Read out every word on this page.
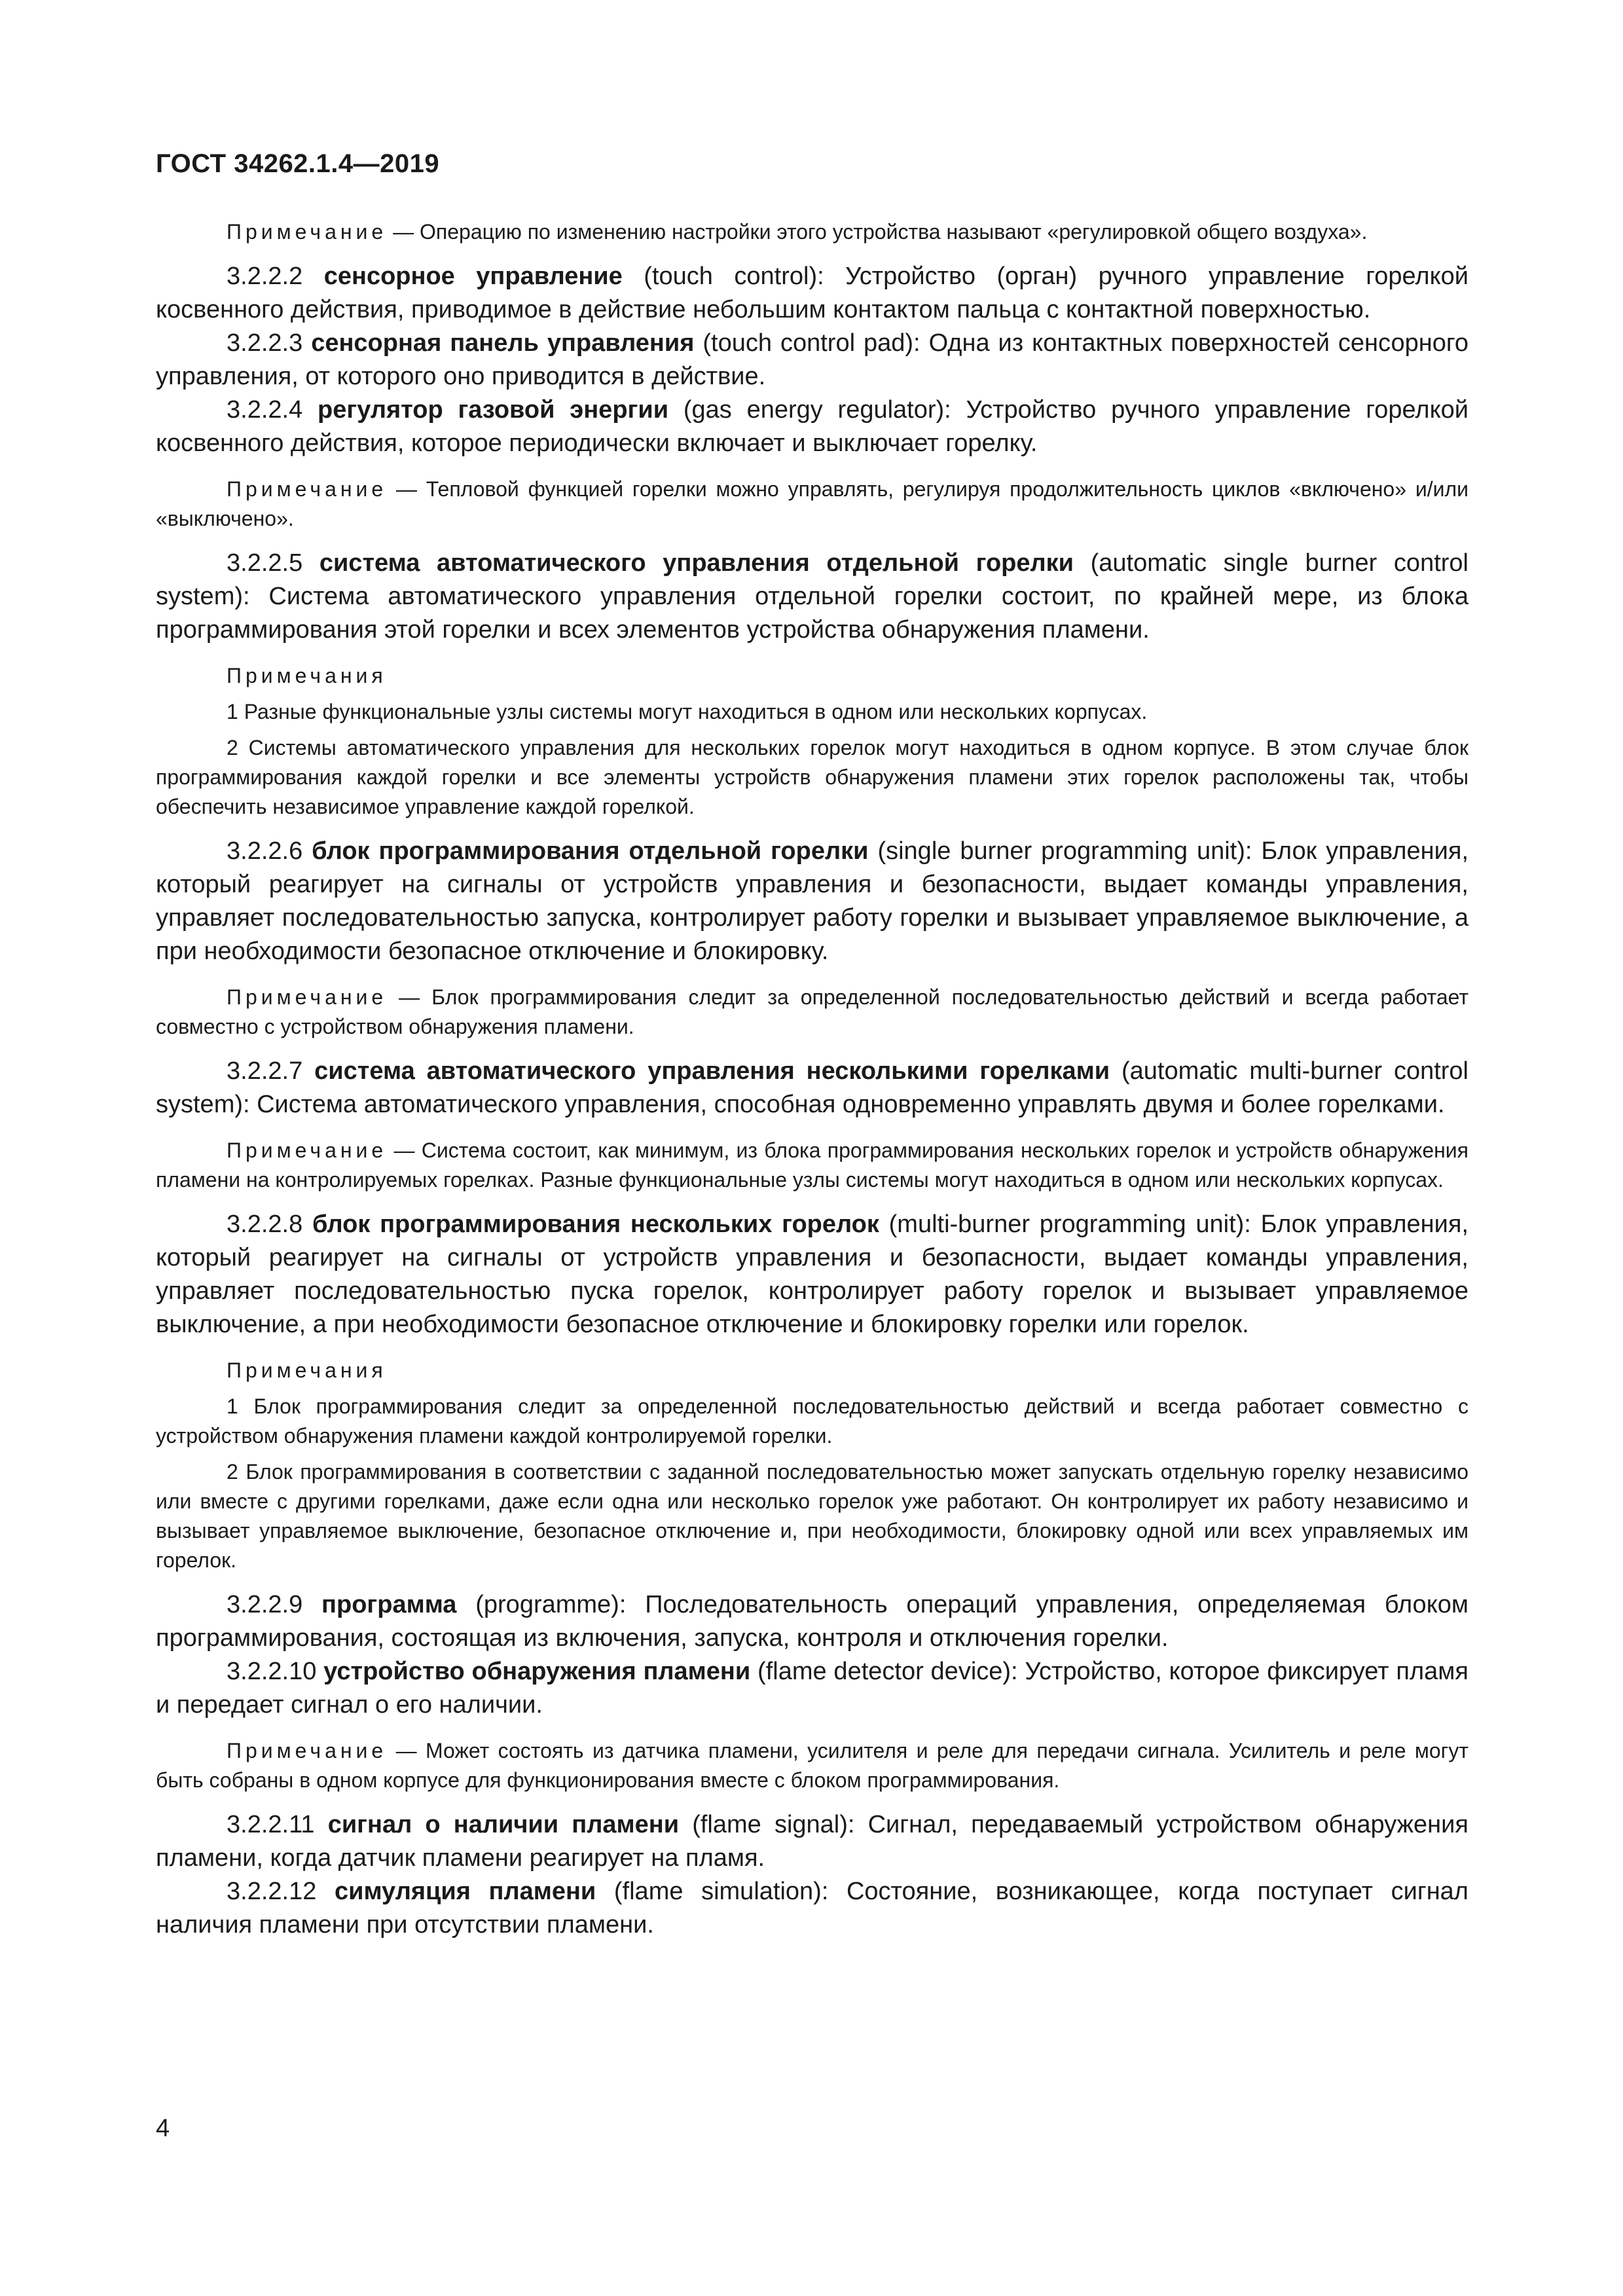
ГОСТ 34262.1.4—2019

Примечание — Операцию по изменению настройки этого устройства называют «регулировкой общего воздуха».

3.2.2.2 сенсорное управление (touch control): Устройство (орган) ручного управление горелкой косвенного действия, приводимое в действие небольшим контактом пальца с контактной поверхностью.

3.2.2.3 сенсорная панель управления (touch control pad): Одна из контактных поверхностей сенсорного управления, от которого оно приводится в действие.

3.2.2.4 регулятор газовой энергии (gas energy regulator): Устройство ручного управление горелкой косвенного действия, которое периодически включает и выключает горелку.

Примечание — Тепловой функцией горелки можно управлять, регулируя продолжительность циклов «включено» и/или «выключено».

3.2.2.5 система автоматического управления отдельной горелки (automatic single burner control system): Система автоматического управления отдельной горелки состоит, по крайней мере, из блока программирования этой горелки и всех элементов устройства обнаружения пламени.

Примечания

1 Разные функциональные узлы системы могут находиться в одном или нескольких корпусах.

2 Системы автоматического управления для нескольких горелок могут находиться в одном корпусе. В этом случае блок программирования каждой горелки и все элементы устройств обнаружения пламени этих горелок расположены так, чтобы обеспечить независимое управление каждой горелкой.

3.2.2.6 блок программирования отдельной горелки (single burner programming unit): Блок управления, который реагирует на сигналы от устройств управления и безопасности, выдает команды управления, управляет последовательностью запуска, контролирует работу горелки и вызывает управляемое выключение, а при необходимости безопасное отключение и блокировку.

Примечание — Блок программирования следит за определенной последовательностью действий и всегда работает совместно с устройством обнаружения пламени.

3.2.2.7 система автоматического управления несколькими горелками (automatic multi-burner control system): Система автоматического управления, способная одновременно управлять двумя и более горелками.

Примечание — Система состоит, как минимум, из блока программирования нескольких горелок и устройств обнаружения пламени на контролируемых горелках. Разные функциональные узлы системы могут находиться в одном или нескольких корпусах.

3.2.2.8 блок программирования нескольких горелок (multi-burner programming unit): Блок управления, который реагирует на сигналы от устройств управления и безопасности, выдает команды управления, управляет последовательностью пуска горелок, контролирует работу горелок и вызывает управляемое выключение, а при необходимости безопасное отключение и блокировку горелки или горелок.

Примечания

1 Блок программирования следит за определенной последовательностью действий и всегда работает совместно с устройством обнаружения пламени каждой контролируемой горелки.

2 Блок программирования в соответствии с заданной последовательностью может запускать отдельную горелку независимо или вместе с другими горелками, даже если одна или несколько горелок уже работают. Он контролирует их работу независимо и вызывает управляемое выключение, безопасное отключение и, при необходимости, блокировку одной или всех управляемых им горелок.

3.2.2.9 программа (programme): Последовательность операций управления, определяемая блоком программирования, состоящая из включения, запуска, контроля и отключения горелки.

3.2.2.10 устройство обнаружения пламени (flame detector device): Устройство, которое фиксирует пламя и передает сигнал о его наличии.

Примечание — Может состоять из датчика пламени, усилителя и реле для передачи сигнала. Усилитель и реле могут быть собраны в одном корпусе для функционирования вместе с блоком программирования.

3.2.2.11 сигнал о наличии пламени (flame signal): Сигнал, передаваемый устройством обнаружения пламени, когда датчик пламени реагирует на пламя.

3.2.2.12 симуляция пламени (flame simulation): Состояние, возникающее, когда поступает сигнал наличия пламени при отсутствии пламени.

4
